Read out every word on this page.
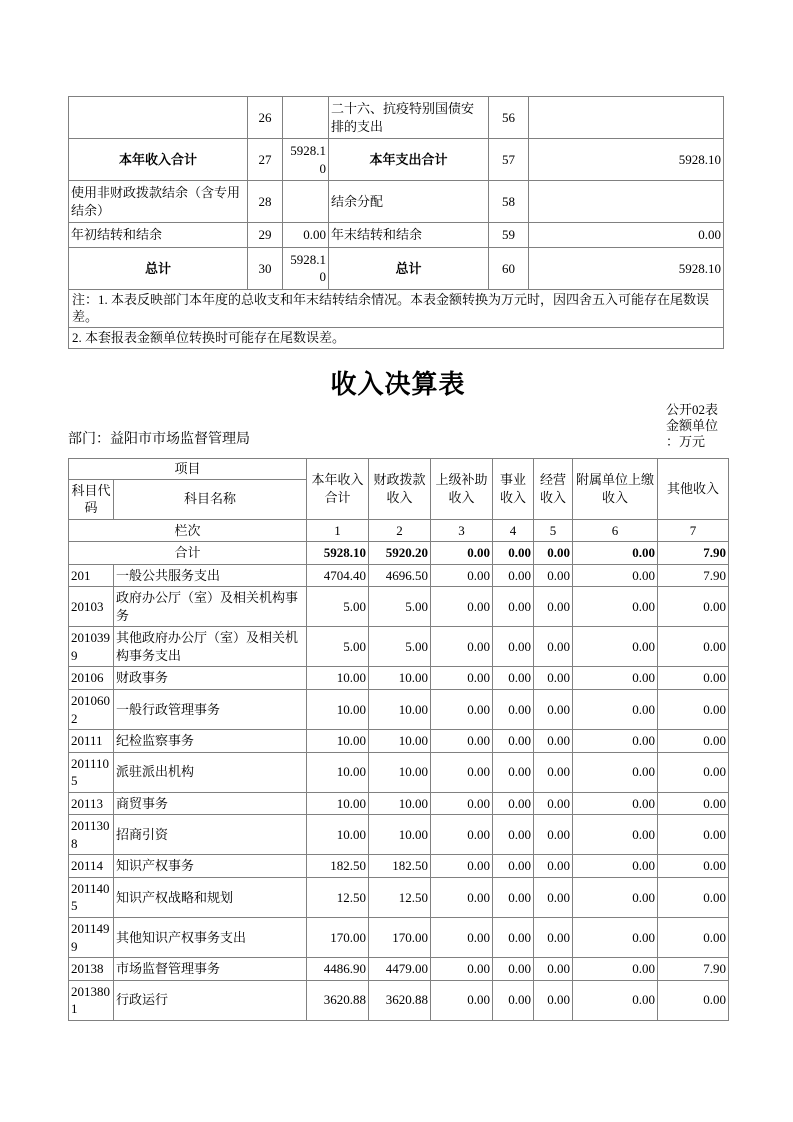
	26		二十六、抗疫特别国债安排的支出	56	
本年收入合计	27	5928.10	本年支出合计	57	5928.10
使用非财政拨款结余（含专用结余）	28		结余分配	58	
年初结转和结余	29	0.00	年末结转和结余	59	0.00
总计	30	5928.10	总计	60	5928.10
注：1. 本表反映部门本年度的总收支和年末结转结余情况。本表金额转换为万元时，因四舍五入可能存在尾数误差。					
2. 本套报表金额单位转换时可能存在尾数误差。					
收入决算表
公开02表
金额单位：万元
部门：益阳市市场监督管理局
项目		本年收入合计	财政拨款收入	上级补助收入	事业收入	经营收入	附属单位上缴收入	其他收入
科目代码	科目名称							
栏次		1	2	3	4	5	6	7
合计		5928.10	5920.20	0.00	0.00	0.00	0.00	7.90
201	一般公共服务支出	4704.40	4696.50	0.00	0.00	0.00	0.00	7.90
20103	政府办公厅（室）及相关机构事务	5.00	5.00	0.00	0.00	0.00	0.00	0.00
2010399	其他政府办公厅（室）及相关机构事务支出	5.00	5.00	0.00	0.00	0.00	0.00	0.00
20106	财政事务	10.00	10.00	0.00	0.00	0.00	0.00	0.00
2010602	一般行政管理事务	10.00	10.00	0.00	0.00	0.00	0.00	0.00
20111	纪检监察事务	10.00	10.00	0.00	0.00	0.00	0.00	0.00
2011105	派驻派出机构	10.00	10.00	0.00	0.00	0.00	0.00	0.00
20113	商贸事务	10.00	10.00	0.00	0.00	0.00	0.00	0.00
2011308	招商引资	10.00	10.00	0.00	0.00	0.00	0.00	0.00
20114	知识产权事务	182.50	182.50	0.00	0.00	0.00	0.00	0.00
2011405	知识产权战略和规划	12.50	12.50	0.00	0.00	0.00	0.00	0.00
2011499	其他知识产权事务支出	170.00	170.00	0.00	0.00	0.00	0.00	0.00
20138	市场监督管理事务	4486.90	4479.00	0.00	0.00	0.00	0.00	7.90
2013801	行政运行	3620.88	3620.88	0.00	0.00	0.00	0.00	0.00
